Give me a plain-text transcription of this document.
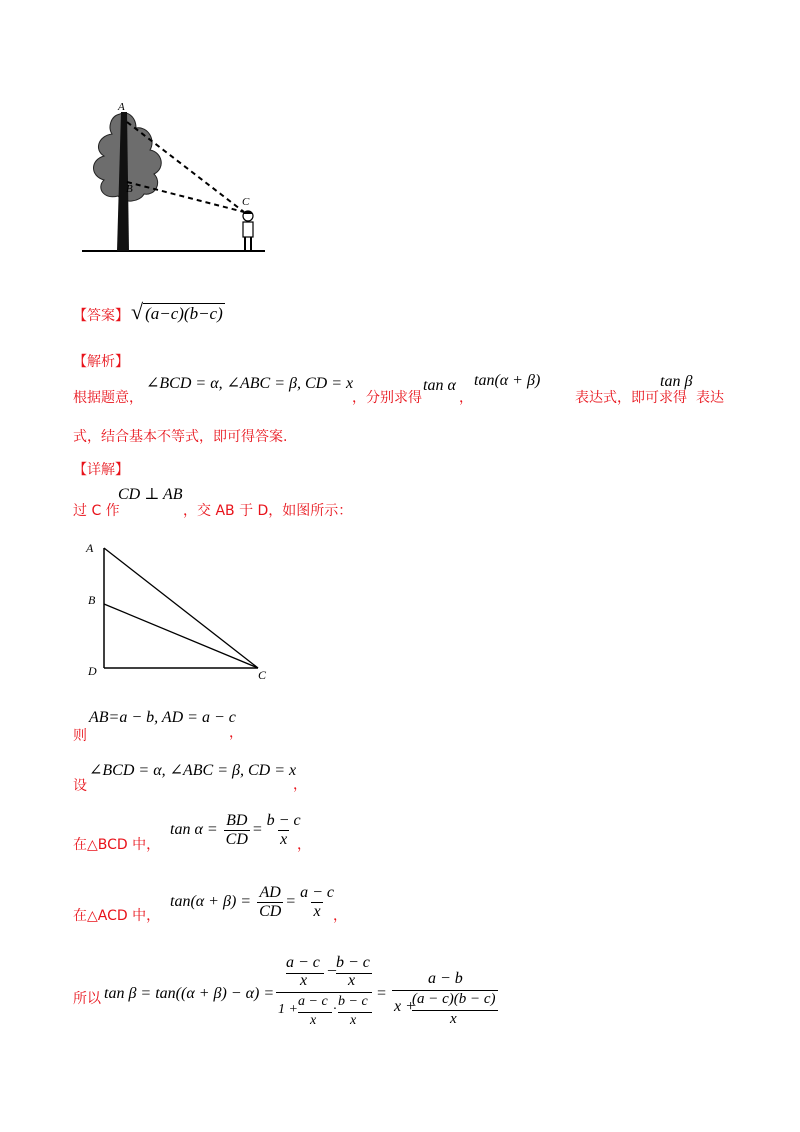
A
B
C
【答案】 √ (a−c)(b−c)
【解析】
根据题意，
∠BCD = α, ∠ABC = β, CD = x
，分别求得
tan α
，
tan(α + β)
表达式，即可求得
tan β
表达
式，结合基本不等式，即可得答案.
【详解】
过 C 作
CD ⊥ AB
，交 AB 于 D，如图所示：
A
B
D	C
则
AB=a − b, AD = a − c
，
设
∠BCD = α, ∠ABC = β, CD = x
，
在△BCD 中，
$\tan \alpha = \frac{BD}{CD} = \frac{b - c}{x}$
，
在△ACD 中，
$\tan(\alpha + \beta) = \frac{AD}{CD} = \frac{a - c}{x}$
，
所以 tan β = tan((α + β) − α) =
a − c _ b − c
x	x
1 +
a − c
x
·
b − c
x
=
a − b
x +
(a − c)(b − c)
x
